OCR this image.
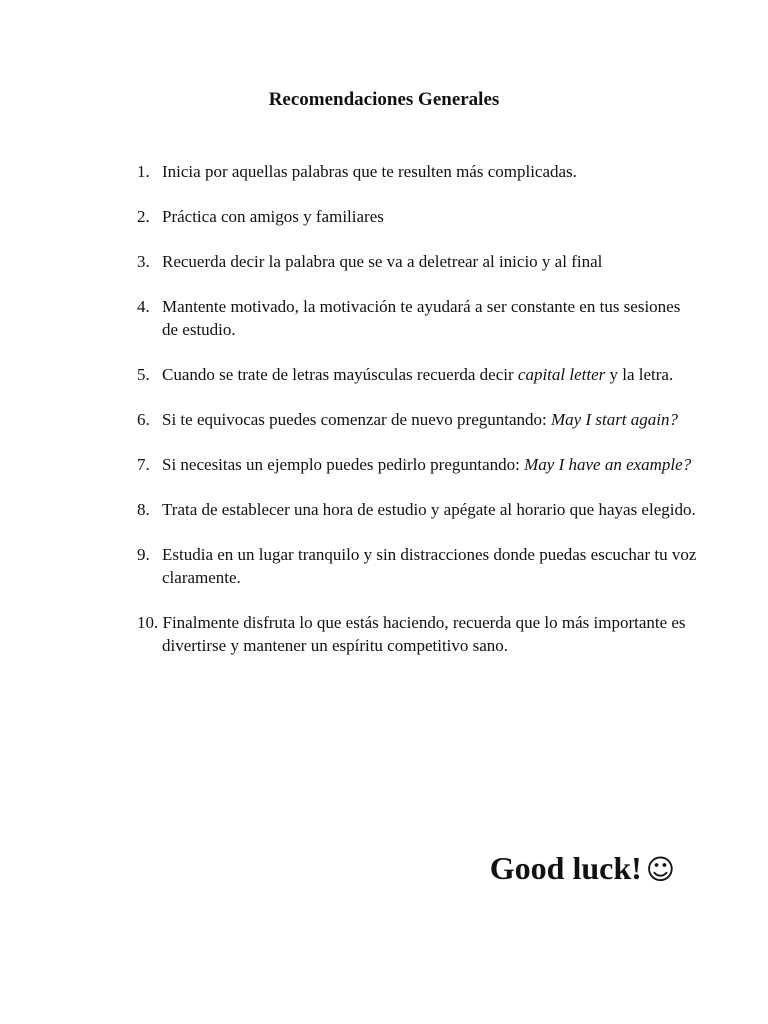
Recomendaciones Generales
1. Inicia por aquellas palabras que te resulten más complicadas.
2. Práctica con amigos y familiares
3. Recuerda decir la palabra que se va a deletrear al inicio y al final
4. Mantente motivado, la motivación te ayudará a ser constante en tus sesiones de estudio.
5. Cuando se trate de letras mayúsculas recuerda decir capital letter y la letra.
6. Si te equivocas puedes comenzar de nuevo preguntando: May I start again?
7. Si necesitas un ejemplo puedes pedirlo preguntando: May I have an example?
8. Trata de establecer una hora de estudio y apégate al horario que hayas elegido.
9. Estudia en un lugar tranquilo y sin distracciones donde puedas escuchar tu voz claramente.
10. Finalmente disfruta lo que estás haciendo, recuerda que lo más importante es divertirse y mantener un espíritu competitivo sano.
Good luck! ☺
